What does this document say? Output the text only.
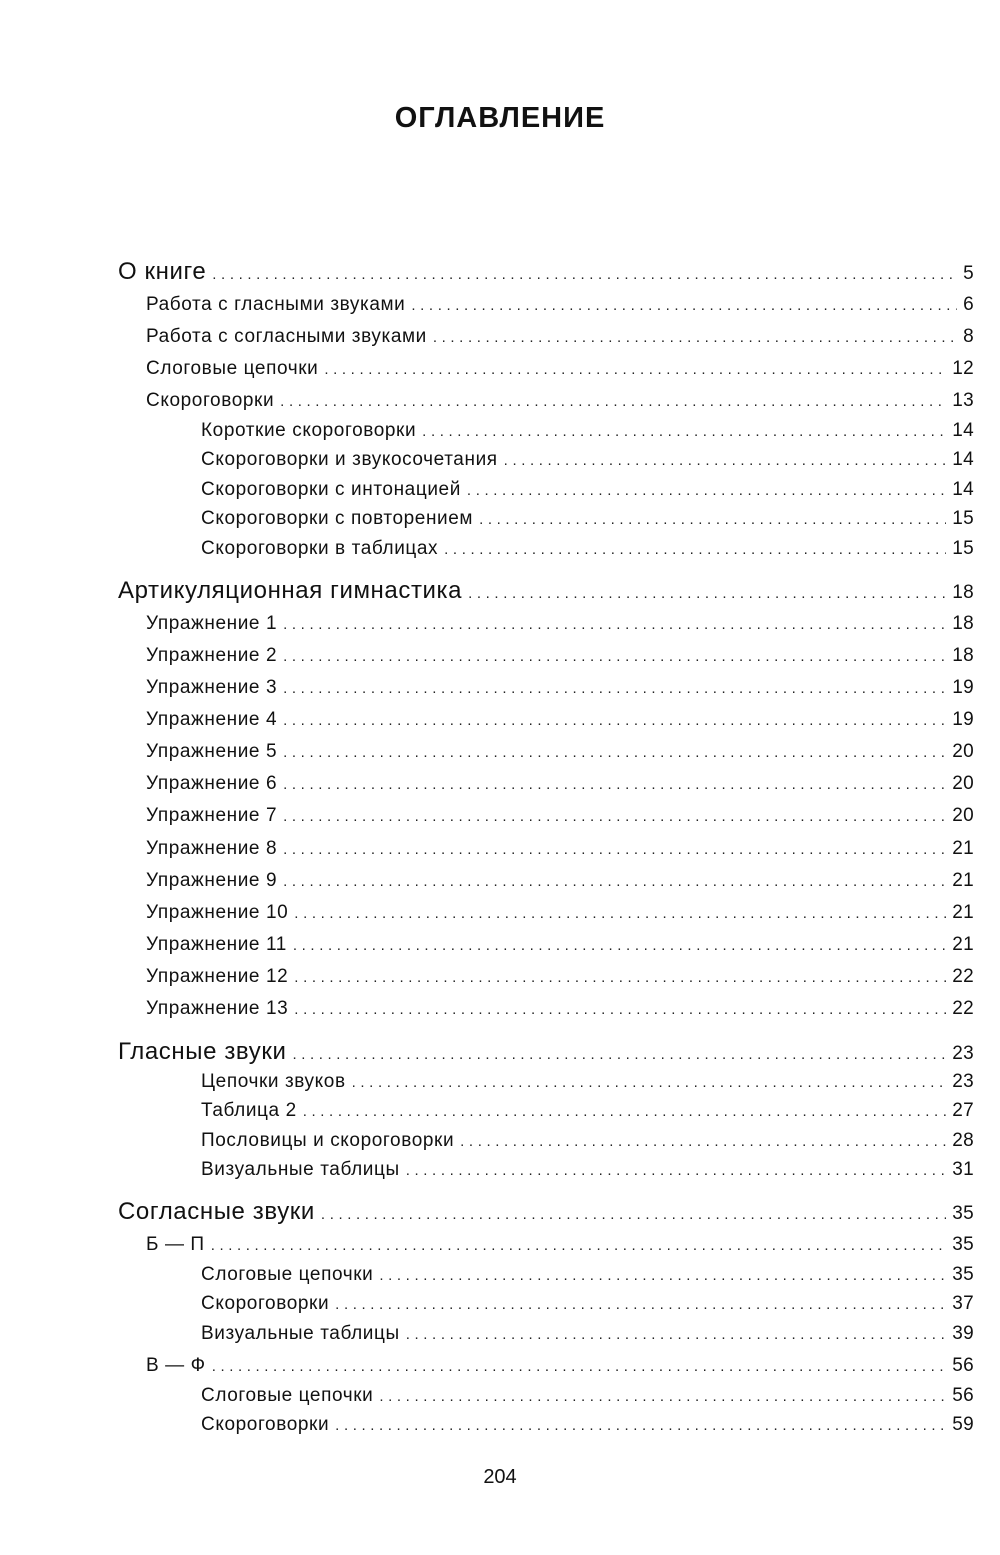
ОГЛАВЛЕНИЕ
О книге .....	5
Работа с гласными звуками .....	6
Работа с согласными звуками .....	8
Слоговые цепочки .....	12
Скороговорки .....	13
Короткие скороговорки .....	14
Скороговорки и звукосочетания .....	14
Скороговорки с интонацией .....	14
Скороговорки с повторением .....	15
Скороговорки в таблицах .....	15
Артикуляционная гимнастика .....	18
Упражнение 1 .....	18
Упражнение 2 .....	18
Упражнение 3 .....	19
Упражнение 4 .....	19
Упражнение 5 .....	20
Упражнение 6 .....	20
Упражнение 7 .....	20
Упражнение 8 .....	21
Упражнение 9 .....	21
Упражнение 10 .....	21
Упражнение 11 .....	21
Упражнение 12 .....	22
Упражнение 13 .....	22
Гласные звуки .....	23
Цепочки звуков .....	23
Таблица 2 .....	27
Пословицы и скороговорки .....	28
Визуальные таблицы .....	31
Согласные звуки .....	35
Б — П .....	35
Слоговые цепочки .....	35
Скороговорки .....	37
Визуальные таблицы .....	39
В — Ф .....	56
Слоговые цепочки .....	56
Скороговорки .....	59
204
